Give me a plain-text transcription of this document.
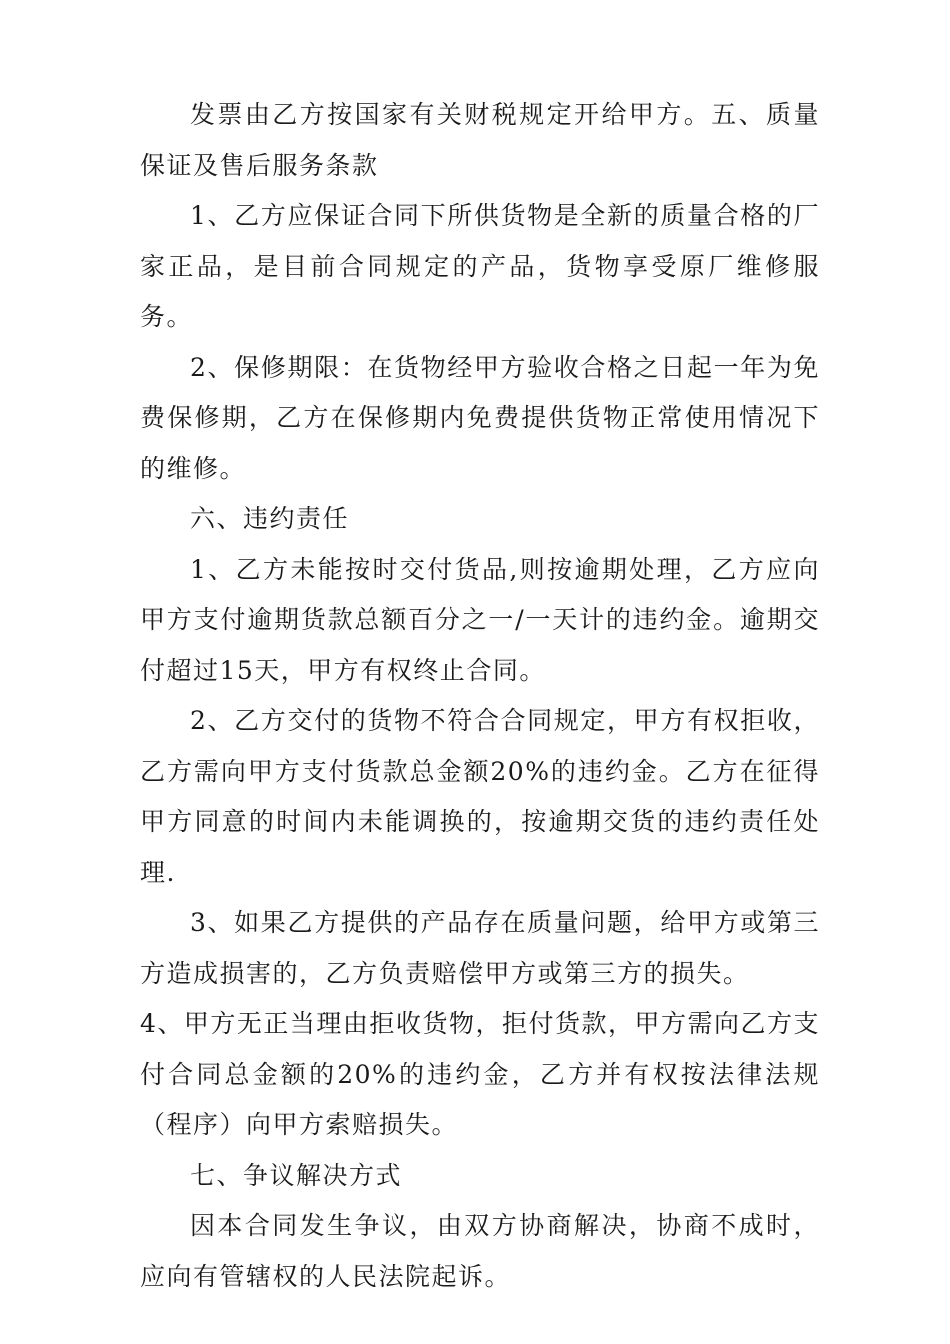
发票由乙方按国家有关财税规定开给甲方。五、质量保证及售后服务条款

1、乙方应保证合同下所供货物是全新的质量合格的厂家正品，是目前合同规定的产品，货物享受原厂维修服务。

2、保修期限：在货物经甲方验收合格之日起一年为免费保修期，乙方在保修期内免费提供货物正常使用情况下的维修。

六、违约责任

1、乙方未能按时交付货品,则按逾期处理，乙方应向甲方支付逾期货款总额百分之一/一天计的违约金。逾期交付超过15天，甲方有权终止合同。

2、乙方交付的货物不符合合同规定，甲方有权拒收，乙方需向甲方支付货款总金额20%的违约金。乙方在征得甲方同意的时间内未能调换的，按逾期交货的违约责任处理.

3、如果乙方提供的产品存在质量问题，给甲方或第三方造成损害的，乙方负责赔偿甲方或第三方的损失。

4、甲方无正当理由拒收货物，拒付货款，甲方需向乙方支付合同总金额的20%的违约金，乙方并有权按法律法规（程序）向甲方索赔损失。

七、争议解决方式

因本合同发生争议，由双方协商解决，协商不成时，应向有管辖权的人民法院起诉。
